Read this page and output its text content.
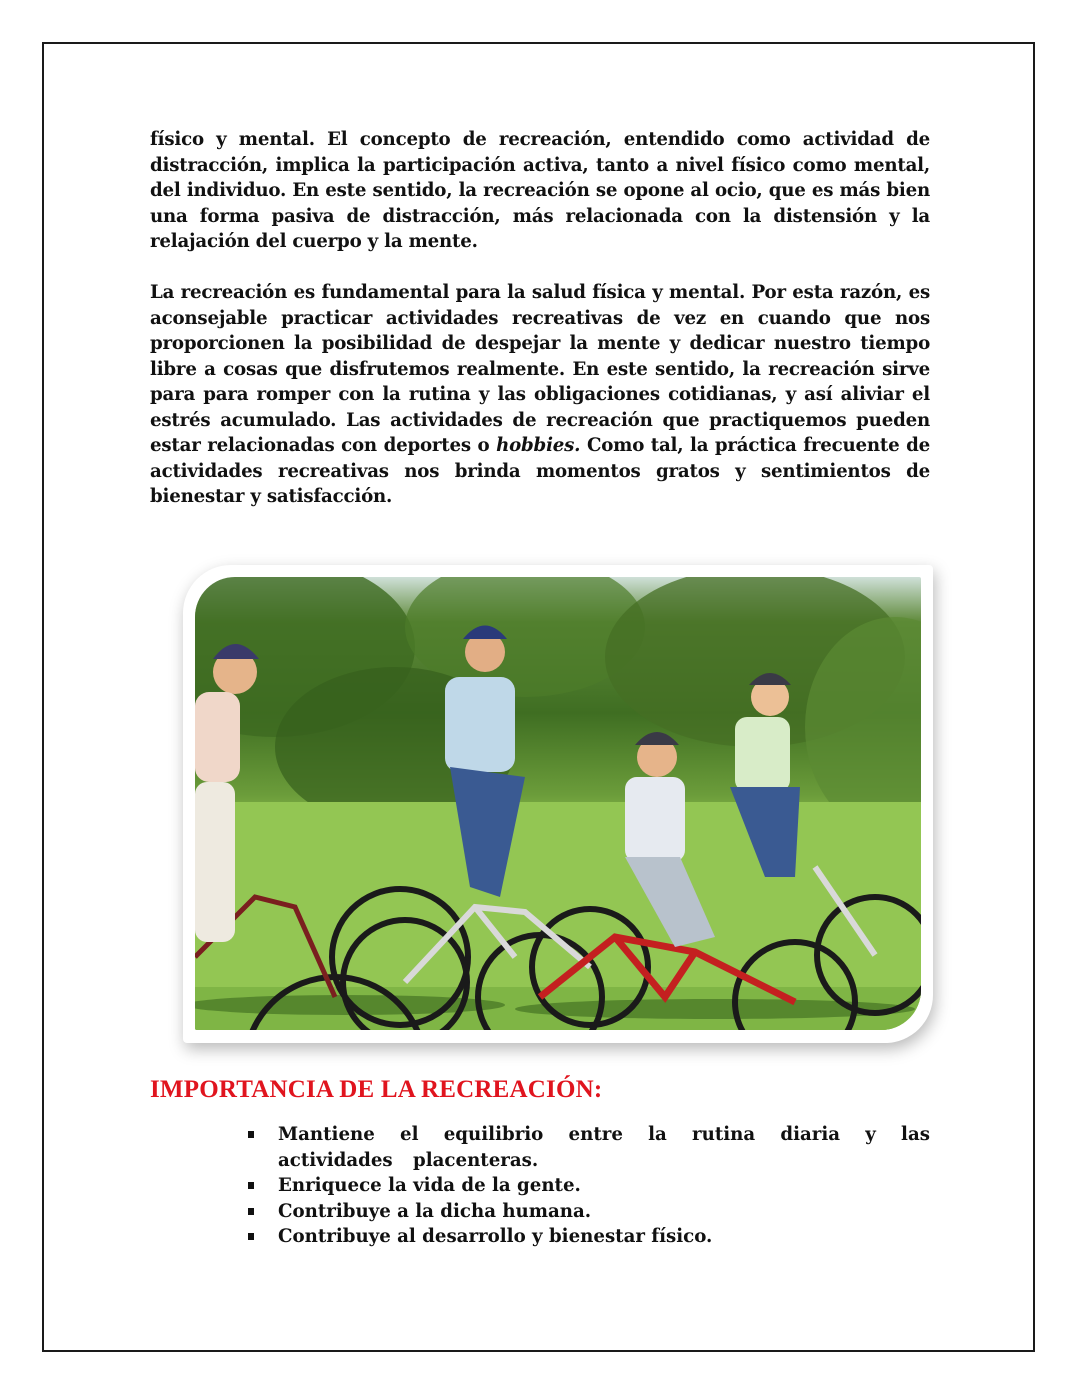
físico y mental. El concepto de recreación, entendido como actividad de distracción, implica la participación activa, tanto a nivel físico como mental, del individuo. En este sentido, la recreación se opone al ocio, que es más bien una forma pasiva de distracción, más relacionada con la distensión y la relajación del cuerpo y la mente.

La recreación es fundamental para la salud física y mental. Por esta razón, es aconsejable practicar actividades recreativas de vez en cuando que nos proporcionen la posibilidad de despejar la mente y dedicar nuestro tiempo libre a cosas que disfrutemos realmente. En este sentido, la recreación sirve para para romper con la rutina y las obligaciones cotidianas, y así aliviar el estrés acumulado. Las actividades de recreación que practiquemos pueden estar relacionadas con deportes o hobbies. Como tal, la práctica frecuente de actividades recreativas nos brinda momentos gratos y sentimientos de bienestar y satisfacción.

IMPORTANCIA DE LA RECREACIÓN:
Mantiene el equilibrio entre la rutina diaria y las actividades placenteras.
Enriquece la vida de la gente.
Contribuye a la dicha humana.
Contribuye al desarrollo y bienestar físico.
